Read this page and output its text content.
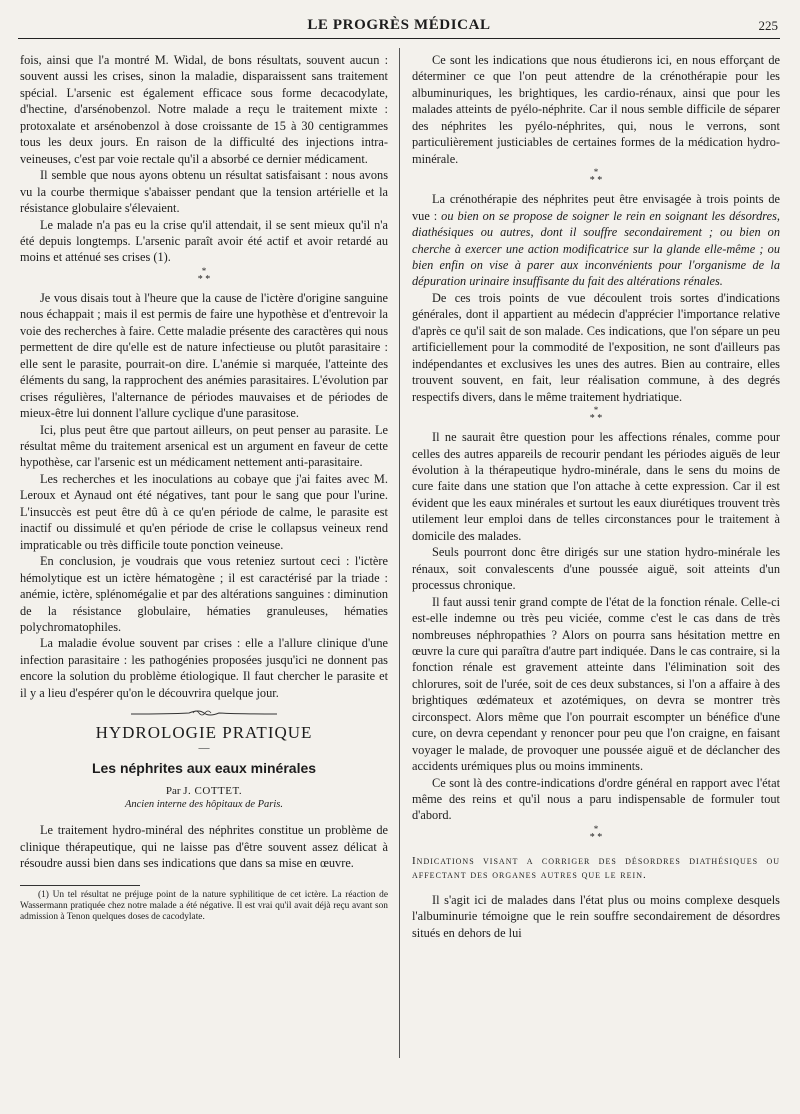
LE PROGRÈS MÉDICAL	225

fois, ainsi que l'a montré M. Widal, de bons résultats, souvent aucun : souvent aussi les crises, sinon la maladie, disparaissent sans traitement spécial. L'arsenic est également efficace sous forme decacodylate, d'hectine, d'arsénobenzol. Notre malade a reçu le traitement mixte : protoxalate et arsénobenzol à dose croissante de 15 à 30 centigrammes tous les deux jours. En raison de la difficulté des injections intra-veineuses, c'est par voie rectale qu'il a absorbé ce dernier médicament.

Il semble que nous ayons obtenu un résultat satisfaisant : nous avons vu la courbe thermique s'abaisser pendant que la tension artérielle et la résistance globulaire s'élevaient.

Le malade n'a pas eu la crise qu'il attendait, il se sent mieux qu'il n'a été depuis longtemps. L'arsenic paraît avoir été actif et avoir retardé au moins et atténué ses crises (1).

*
* *

Je vous disais tout à l'heure que la cause de l'ictère d'origine sanguine nous échappait ; mais il est permis de faire une hypothèse et d'entrevoir la voie des recherches à faire. Cette maladie présente des caractères qui nous permettent de dire qu'elle est de nature infectieuse ou plutôt parasitaire : elle sent le parasite, pourrait-on dire. L'anémie si marquée, l'atteinte des éléments du sang, la rapprochent des anémies parasitaires. L'évolution par crises régulières, l'alternance de périodes mauvaises et de périodes de mieux-être lui donnent l'allure cyclique d'une parasitose.

Ici, plus peut être que partout ailleurs, on peut penser au parasite. Le résultat même du traitement arsenical est un argument en faveur de cette hypothèse, car l'arsenic est un médicament nettement anti-parasitaire.

Les recherches et les inoculations au cobaye que j'ai faites avec M. Leroux et Aynaud ont été négatives, tant pour le sang que pour l'urine. L'insuccès est peut être dû à ce qu'en période de calme, le parasite est inactif ou dissimulé et qu'en période de crise le collapsus veineux rend impraticable ou très difficile toute ponction veineuse.

En conclusion, je voudrais que vous reteniez surtout ceci : l'ictère hémolytique est un ictère hématogène ; il est caractérisé par la triade : anémie, ictère, splénomégalie et par des altérations sanguines : diminution de la résistance globulaire, hématies granuleuses, hématies polychromatophiles.

La maladie évolue souvent par crises : elle a l'allure clinique d'une infection parasitaire : les pathogénies proposées jusqu'ici ne donnent pas encore la solution du problème étiologique. Il faut chercher le parasite et il y a lieu d'espérer qu'on le découvrira quelque jour.

HYDROLOGIE PRATIQUE
—
Les néphrites aux eaux minérales
Par J. COTTET.
Ancien interne des hôpitaux de Paris.

Le traitement hydro-minéral des néphrites constitue un problème de clinique thérapeutique, qui ne laisse pas d'être souvent assez délicat à résoudre aussi bien dans ses indications que dans sa mise en œuvre.

(1) Un tel résultat ne préjuge point de la nature syphilitique de cet ictère. La réaction de Wassermann pratiquée chez notre malade a été négative. Il est vrai qu'il avait déjà reçu avant son admission à Tenon quelques doses de cacodylate.

Ce sont les indications que nous étudierons ici, en nous efforçant de déterminer ce que l'on peut attendre de la crénothérapie pour les albuminuriques, les brightiques, les cardio-rénaux, ainsi que pour les malades atteints de pyélo-néphrite. Car il nous semble difficile de séparer des néphrites les pyélo-néphrites, qui, nous le verrons, sont particulièrement justiciables de certaines formes de la médication hydro-minérale.

*
* *

La crénothérapie des néphrites peut être envisagée à trois points de vue : ou bien on se propose de soigner le rein en soignant les désordres, diathésiques ou autres, dont il souffre secondairement ; ou bien on cherche à exercer une action modificatrice sur la glande elle-même ; ou bien enfin on vise à parer aux inconvénients pour l'organisme de la dépuration urinaire insuffisante du fait des altérations rénales.

De ces trois points de vue découlent trois sortes d'indications générales, dont il appartient au médecin d'apprécier l'importance relative d'après ce qu'il sait de son malade. Ces indications, que l'on sépare un peu artificiellement pour la commodité de l'exposition, ne sont d'ailleurs pas indépendantes et exclusives les unes des autres. Bien au contraire, elles trouvent souvent, en fait, leur réalisation commune, à des degrés respectifs divers, dans le même traitement hydriatique.

*
* *

Il ne saurait être question pour les affections rénales, comme pour celles des autres appareils de recourir pendant les périodes aiguës de leur évolution à la thérapeutique hydro-minérale, dans le sens du moins de cure faite dans une station que l'on attache à cette expression. Car il est évident que les eaux minérales et surtout les eaux diurétiques trouvent très utilement leur emploi dans de telles circonstances pour le traitement à domicile des malades.

Seuls pourront donc être dirigés sur une station hydro-minérale les rénaux, soit convalescents d'une poussée aiguë, soit atteints d'un processus chronique.

Il faut aussi tenir grand compte de l'état de la fonction rénale. Celle-ci est-elle indemne ou très peu viciée, comme c'est le cas dans de très nombreuses néphropathies ? Alors on pourra sans hésitation mettre en œuvre la cure qui paraîtra d'autre part indiquée. Dans le cas contraire, si la fonction rénale est gravement atteinte dans l'élimination soit des chlorures, soit de l'urée, soit de ces deux substances, si l'on a affaire à des brightiques œdémateux et azotémiques, on devra se montrer très circonspect. Alors même que l'on pourrait escompter un bénéfice d'une cure, on devra cependant y renoncer pour peu que l'on craigne, en faisant voyager le malade, de provoquer une poussée aiguë et de déclancher des accidents urémiques plus ou moins imminents.

Ce sont là des contre-indications d'ordre général en rapport avec l'état même des reins et qu'il nous a paru indispensable de formuler tout d'abord.

*
* *
Indications visant a corriger des désordres diathésiques ou affectant des organes autres que le rein.

Il s'agit ici de malades dans l'état plus ou moins complexe desquels l'albuminurie témoigne que le rein souffre secondairement de désordres situés en dehors de lui
